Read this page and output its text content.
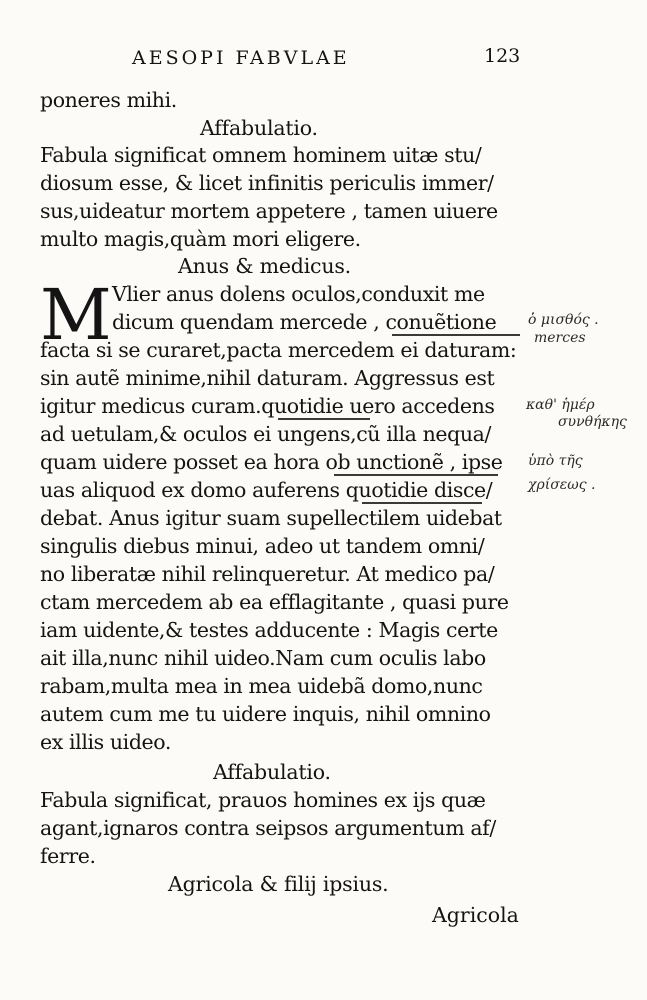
AESOPI FABVLAE	123
poneres mihi.
Affabulatio.
Fabula significat omnem hominem uitæ stu/
diosum esse, & licet infinitis periculis immer/
sus,uideatur mortem appetere , tamen uiuere
multo magis,quàm mori eligere.
Anus & medicus.
M Vlier anus dolens oculos,conduxit me
dicum quendam mercede , conuẽtione
facta si se curaret,pacta mercedem ei daturam:
sin autẽ minime,nihil daturam. Aggressus est
igitur medicus curam.quotidie uero accedens
ad uetulam,& oculos ei ungens,cũ illa nequa/
quam uidere posset ea hora ob unctionẽ , ipse
uas aliquod ex domo auferens quotidie disce/
debat. Anus igitur suam supellectilem uidebat
singulis diebus minui, adeo ut tandem omni/
no liberatæ nihil relinqueretur. At medico pa/
ctam mercedem ab ea efflagitante , quasi pure
iam uidente,& testes adducente : Magis certe
ait illa,nunc nihil uideo.Nam cum oculis labo
rabam,multa mea in mea uidebã domo,nunc
autem cum me tu uidere inquis, nihil omnino
ex illis uideo.
Affabulatio.
Fabula significat, prauos homines ex ijs quæ
agant,ignaros contra seipsos argumentum af/
ferre.
Agricola & filij ipsius.
Agricola
ὁ μισθός .
merces
καθ' ἡμέρ
συνθήκης
ὑπὸ τῆς
χρίσεως .
